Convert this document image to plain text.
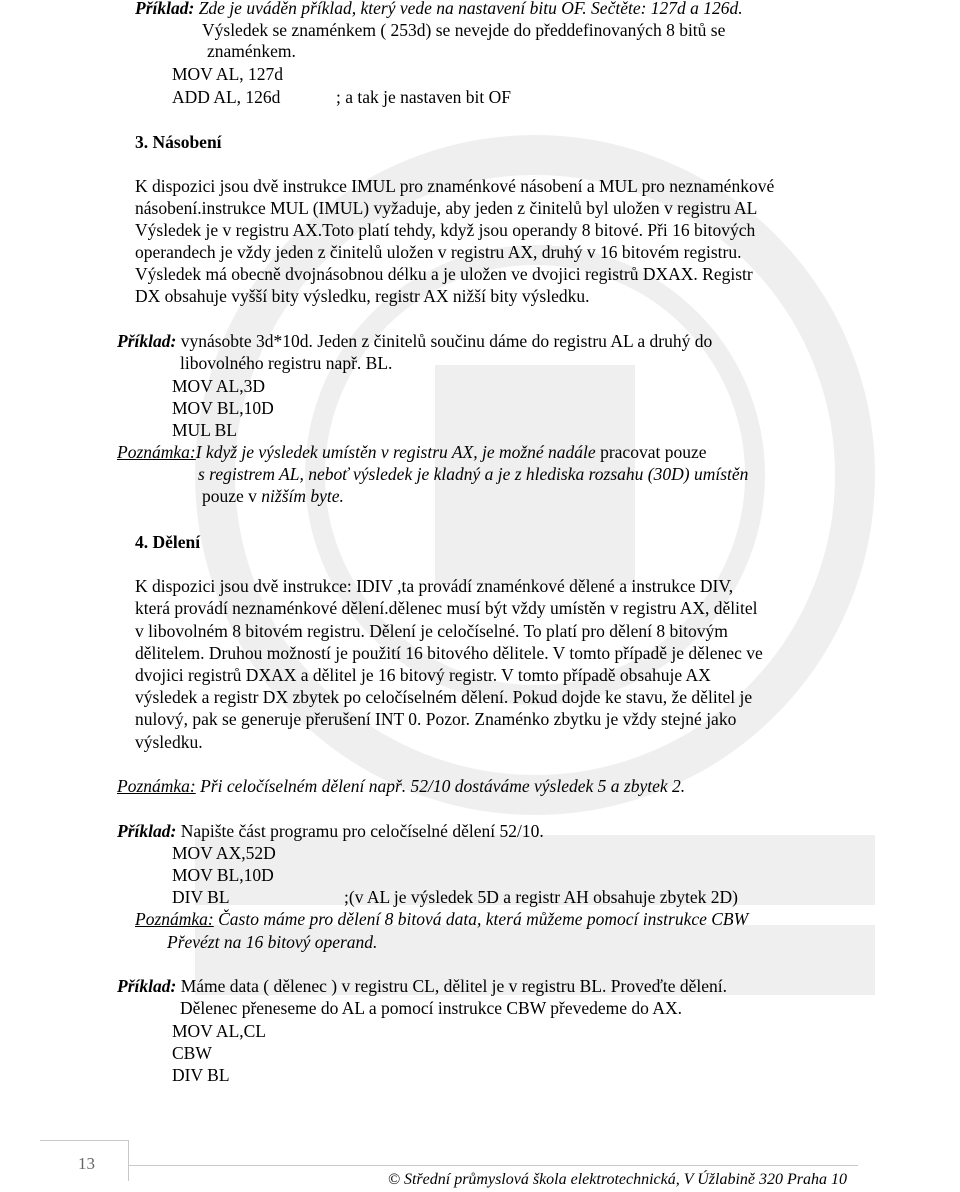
Příklad: Zde je uváděn příklad, který vede na nastavení bitu OF. Sečtěte: 127d a 126d.
Výsledek se znaménkem ( 253d) se nevejde do předdefinovaných 8 bitů se
znaménkem.
MOV AL, 127d
ADD AL, 126d	; a tak je nastaven bit OF
3. Násobení
K dispozici jsou dvě instrukce IMUL pro znaménkové násobení a MUL pro neznaménkové
násobení.instrukce MUL (IMUL) vyžaduje, aby jeden z činitelů byl uložen v registru AL
Výsledek je v registru AX.Toto platí tehdy, když jsou operandy 8 bitové. Při 16 bitových
operandech je vždy jeden z činitelů uložen v registru AX, druhý v 16 bitovém registru.
Výsledek má obecně dvojnásobnou délku a je uložen ve dvojici registrů DXAX. Registr
DX obsahuje vyšší bity výsledku, registr AX nižší bity výsledku.
Příklad: vynásobte 3d*10d. Jeden z činitelů součinu dáme do registru AL a druhý do
libovolného registru např. BL.
MOV AL,3D
MOV BL,10D
MUL BL
Poznámka:I když je výsledek umístěn v registru AX, je možné nadále pracovat pouze
s registrem AL, neboť výsledek je kladný a je z hlediska rozsahu (30D) umístěn
pouze v nižším byte.
4. Dělení
K dispozici jsou dvě instrukce: IDIV ,ta provádí znaménkové dělené a instrukce DIV,
která provádí neznaménkové dělení.dělenec musí být vždy umístěn v registru AX, dělitel
v libovolném 8 bitovém registru. Dělení je celočíselné. To platí pro dělení 8 bitovým
dělitelem. Druhou možností je použití 16 bitového dělitele. V tomto případě je dělenec ve
dvojici registrů DXAX a dělitel je 16 bitový registr. V tomto případě obsahuje AX
výsledek a registr DX zbytek po celočíselném dělení. Pokud dojde ke stavu, že dělitel je
nulový, pak se generuje přerušení INT 0. Pozor. Znaménko zbytku je vždy stejné jako
výsledku.
Poznámka: Při celočíselném dělení např. 52/10 dostáváme výsledek 5 a zbytek 2.
Příklad: Napište část programu pro celočíselné dělení 52/10.
MOV AX,52D
MOV BL,10D
DIV BL	;(v AL je výsledek 5D a registr AH obsahuje zbytek 2D)
Poznámka: Často máme pro dělení 8 bitová data, která můžeme pomocí instrukce CBW
Převézt na 16 bitový operand.
Příklad: Máme data ( dělenec ) v registru CL, dělitel je v registru BL. Proveďte dělení.
Dělenec přeneseme do AL a pomocí instrukce CBW převedeme do AX.
MOV AL,CL
CBW
DIV BL
13
© Střední průmyslová škola elektrotechnická, V Úžlabině 320 Praha 10
